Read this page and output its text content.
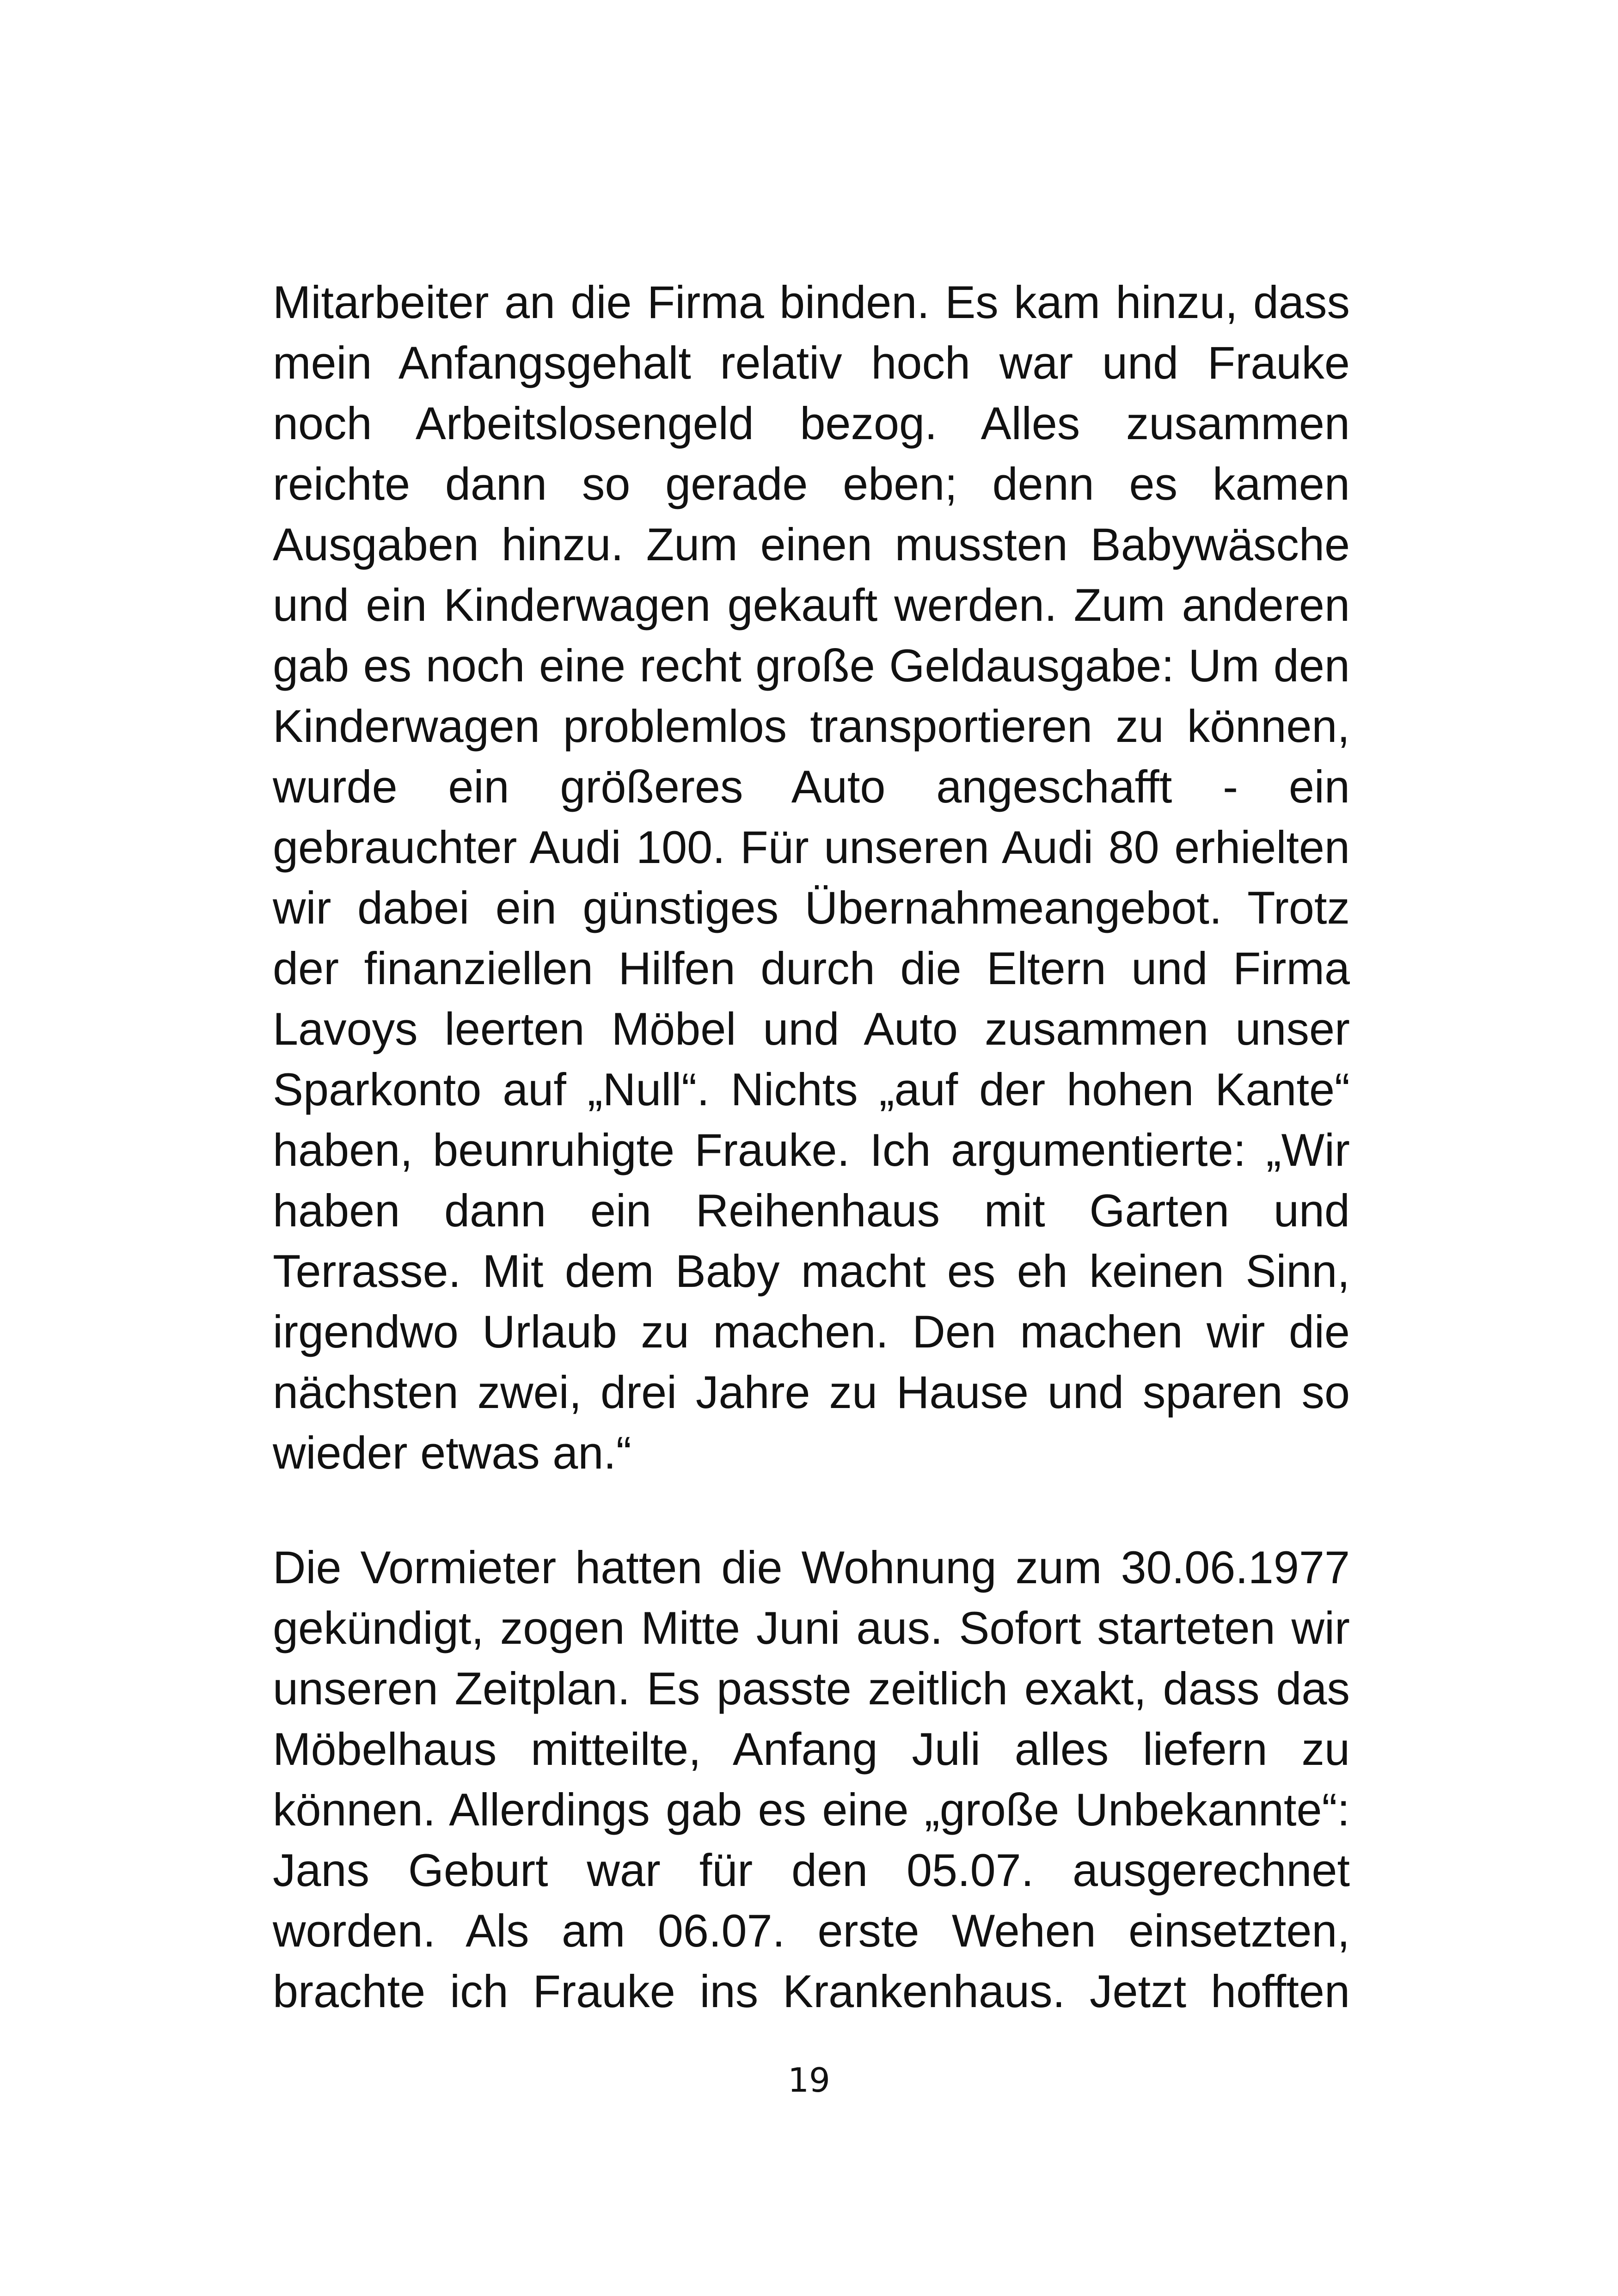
Mitarbeiter an die Firma binden. Es kam hinzu, dass

mein Anfangsgehalt relativ hoch war und Frauke

noch Arbeitslosengeld bezog. Alles zusammen

reichte dann so gerade eben; denn es kamen

Ausgaben hinzu. Zum einen mussten Babywäsche

und ein Kinderwagen gekauft werden. Zum anderen

gab es noch eine recht große Geldausgabe: Um den

Kinderwagen problemlos transportieren zu können,

wurde ein größeres Auto angeschafft - ein

gebrauchter Audi 100. Für unseren Audi 80 erhielten

wir dabei ein günstiges Übernahmeangebot. Trotz

der finanziellen Hilfen durch die Eltern und Firma

Lavoys leerten Möbel und Auto zusammen unser

Sparkonto auf „Null“. Nichts „auf der hohen Kante“

haben, beunruhigte Frauke. Ich argumentierte: „Wir

haben dann ein Reihenhaus mit Garten und

Terrasse. Mit dem Baby macht es eh keinen Sinn,

irgendwo Urlaub zu machen. Den machen wir die

nächsten zwei, drei Jahre zu Hause und sparen so

wieder etwas an.“

Die Vormieter hatten die Wohnung zum 30.06.1977

gekündigt, zogen Mitte Juni aus. Sofort starteten wir

unseren Zeitplan. Es passte zeitlich exakt, dass das

Möbelhaus mitteilte, Anfang Juli alles liefern zu

können. Allerdings gab es eine „große Unbekannte“:

Jans Geburt war für den 05.07. ausgerechnet

worden. Als am 06.07. erste Wehen einsetzten,

brachte ich Frauke ins Krankenhaus. Jetzt hofften

19
